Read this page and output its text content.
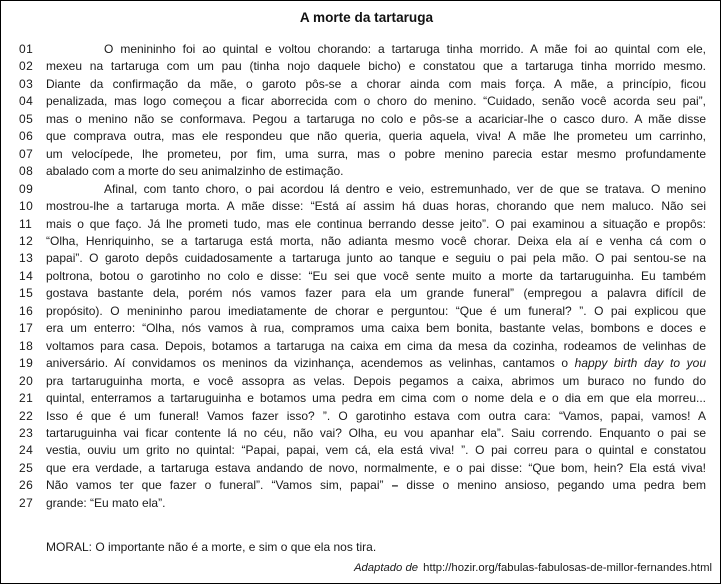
A morte da tartaruga
01	O menininho foi ao quintal e voltou chorando: a tartaruga tinha morrido. A mãe foi ao quintal com ele,
02	mexeu na tartaruga com um pau (tinha nojo daquele bicho) e constatou que a tartaruga tinha morrido mesmo.
03	Diante da confirmação da mãe, o garoto pôs-se a chorar ainda com mais força. A mãe, a princípio, ficou
04	penalizada, mas logo começou a ficar aborrecida com o choro do menino. “Cuidado, senão você acorda seu pai”,
05	mas o menino não se conformava. Pegou a tartaruga no colo e pôs-se a acariciar-lhe o casco duro. A mãe disse
06	que comprava outra, mas ele respondeu que não queria, queria aquela, viva! A mãe lhe prometeu um carrinho,
07	um velocípede, lhe prometeu, por fim, uma surra, mas o pobre menino parecia estar mesmo profundamente
08	abalado com a morte do seu animalzinho de estimação.
09	Afinal, com tanto choro, o pai acordou lá dentro e veio, estremunhado, ver de que se tratava. O menino
10	mostrou-lhe a tartaruga morta. A mãe disse: “Está aí assim há duas horas, chorando que nem maluco. Não sei
11	mais o que faço. Já lhe prometi tudo, mas ele continua berrando desse jeito”. O pai examinou a situação e propôs:
12	“Olha, Henriquinho, se a tartaruga está morta, não adianta mesmo você chorar. Deixa ela aí e venha cá com o
13	papai”. O garoto depôs cuidadosamente a tartaruga junto ao tanque e seguiu o pai pela mão. O pai sentou-se na
14	poltrona, botou o garotinho no colo e disse: “Eu sei que você sente muito a morte da tartaruguinha. Eu também
15	gostava bastante dela, porém nós vamos fazer para ela um grande funeral” (empregou a palavra difícil de
16	propósito). O menininho parou imediatamente de chorar e perguntou: “Que é um funeral? ”. O pai explicou que
17	era um enterro: “Olha, nós vamos à rua, compramos uma caixa bem bonita, bastante velas, bombons e doces e
18	voltamos para casa. Depois, botamos a tartaruga na caixa em cima da mesa da cozinha, rodeamos de velinhas de
19	aniversário. Aí convidamos os meninos da vizinhança, acendemos as velinhas, cantamos o happy birth day to you
20	pra tartaruguinha morta, e você assopra as velas. Depois pegamos a caixa, abrimos um buraco no fundo do
21	quintal, enterramos a tartaruguinha e botamos uma pedra em cima com o nome dela e o dia em que ela morreu...
22	Isso é que é um funeral! Vamos fazer isso? ”. O garotinho estava com outra cara: “Vamos, papai, vamos! A
23	tartaruguinha vai ficar contente lá no céu, não vai? Olha, eu vou apanhar ela”. Saiu correndo. Enquanto o pai se
24	vestia, ouviu um grito no quintal: “Papai, papai, vem cá, ela está viva! ”. O pai correu para o quintal e constatou
25	que era verdade, a tartaruga estava andando de novo, normalmente, e o pai disse: “Que bom, hein? Ela está viva!
26	Não vamos ter que fazer o funeral”. “Vamos sim, papai” – disse o menino ansioso, pegando uma pedra bem
27	grande: “Eu mato ela”.

MORAL: O importante não é a morte, e sim o que ela nos tira.

Adaptado de http://hozir.org/fabulas-fabulosas-de-millor-fernandes.html
